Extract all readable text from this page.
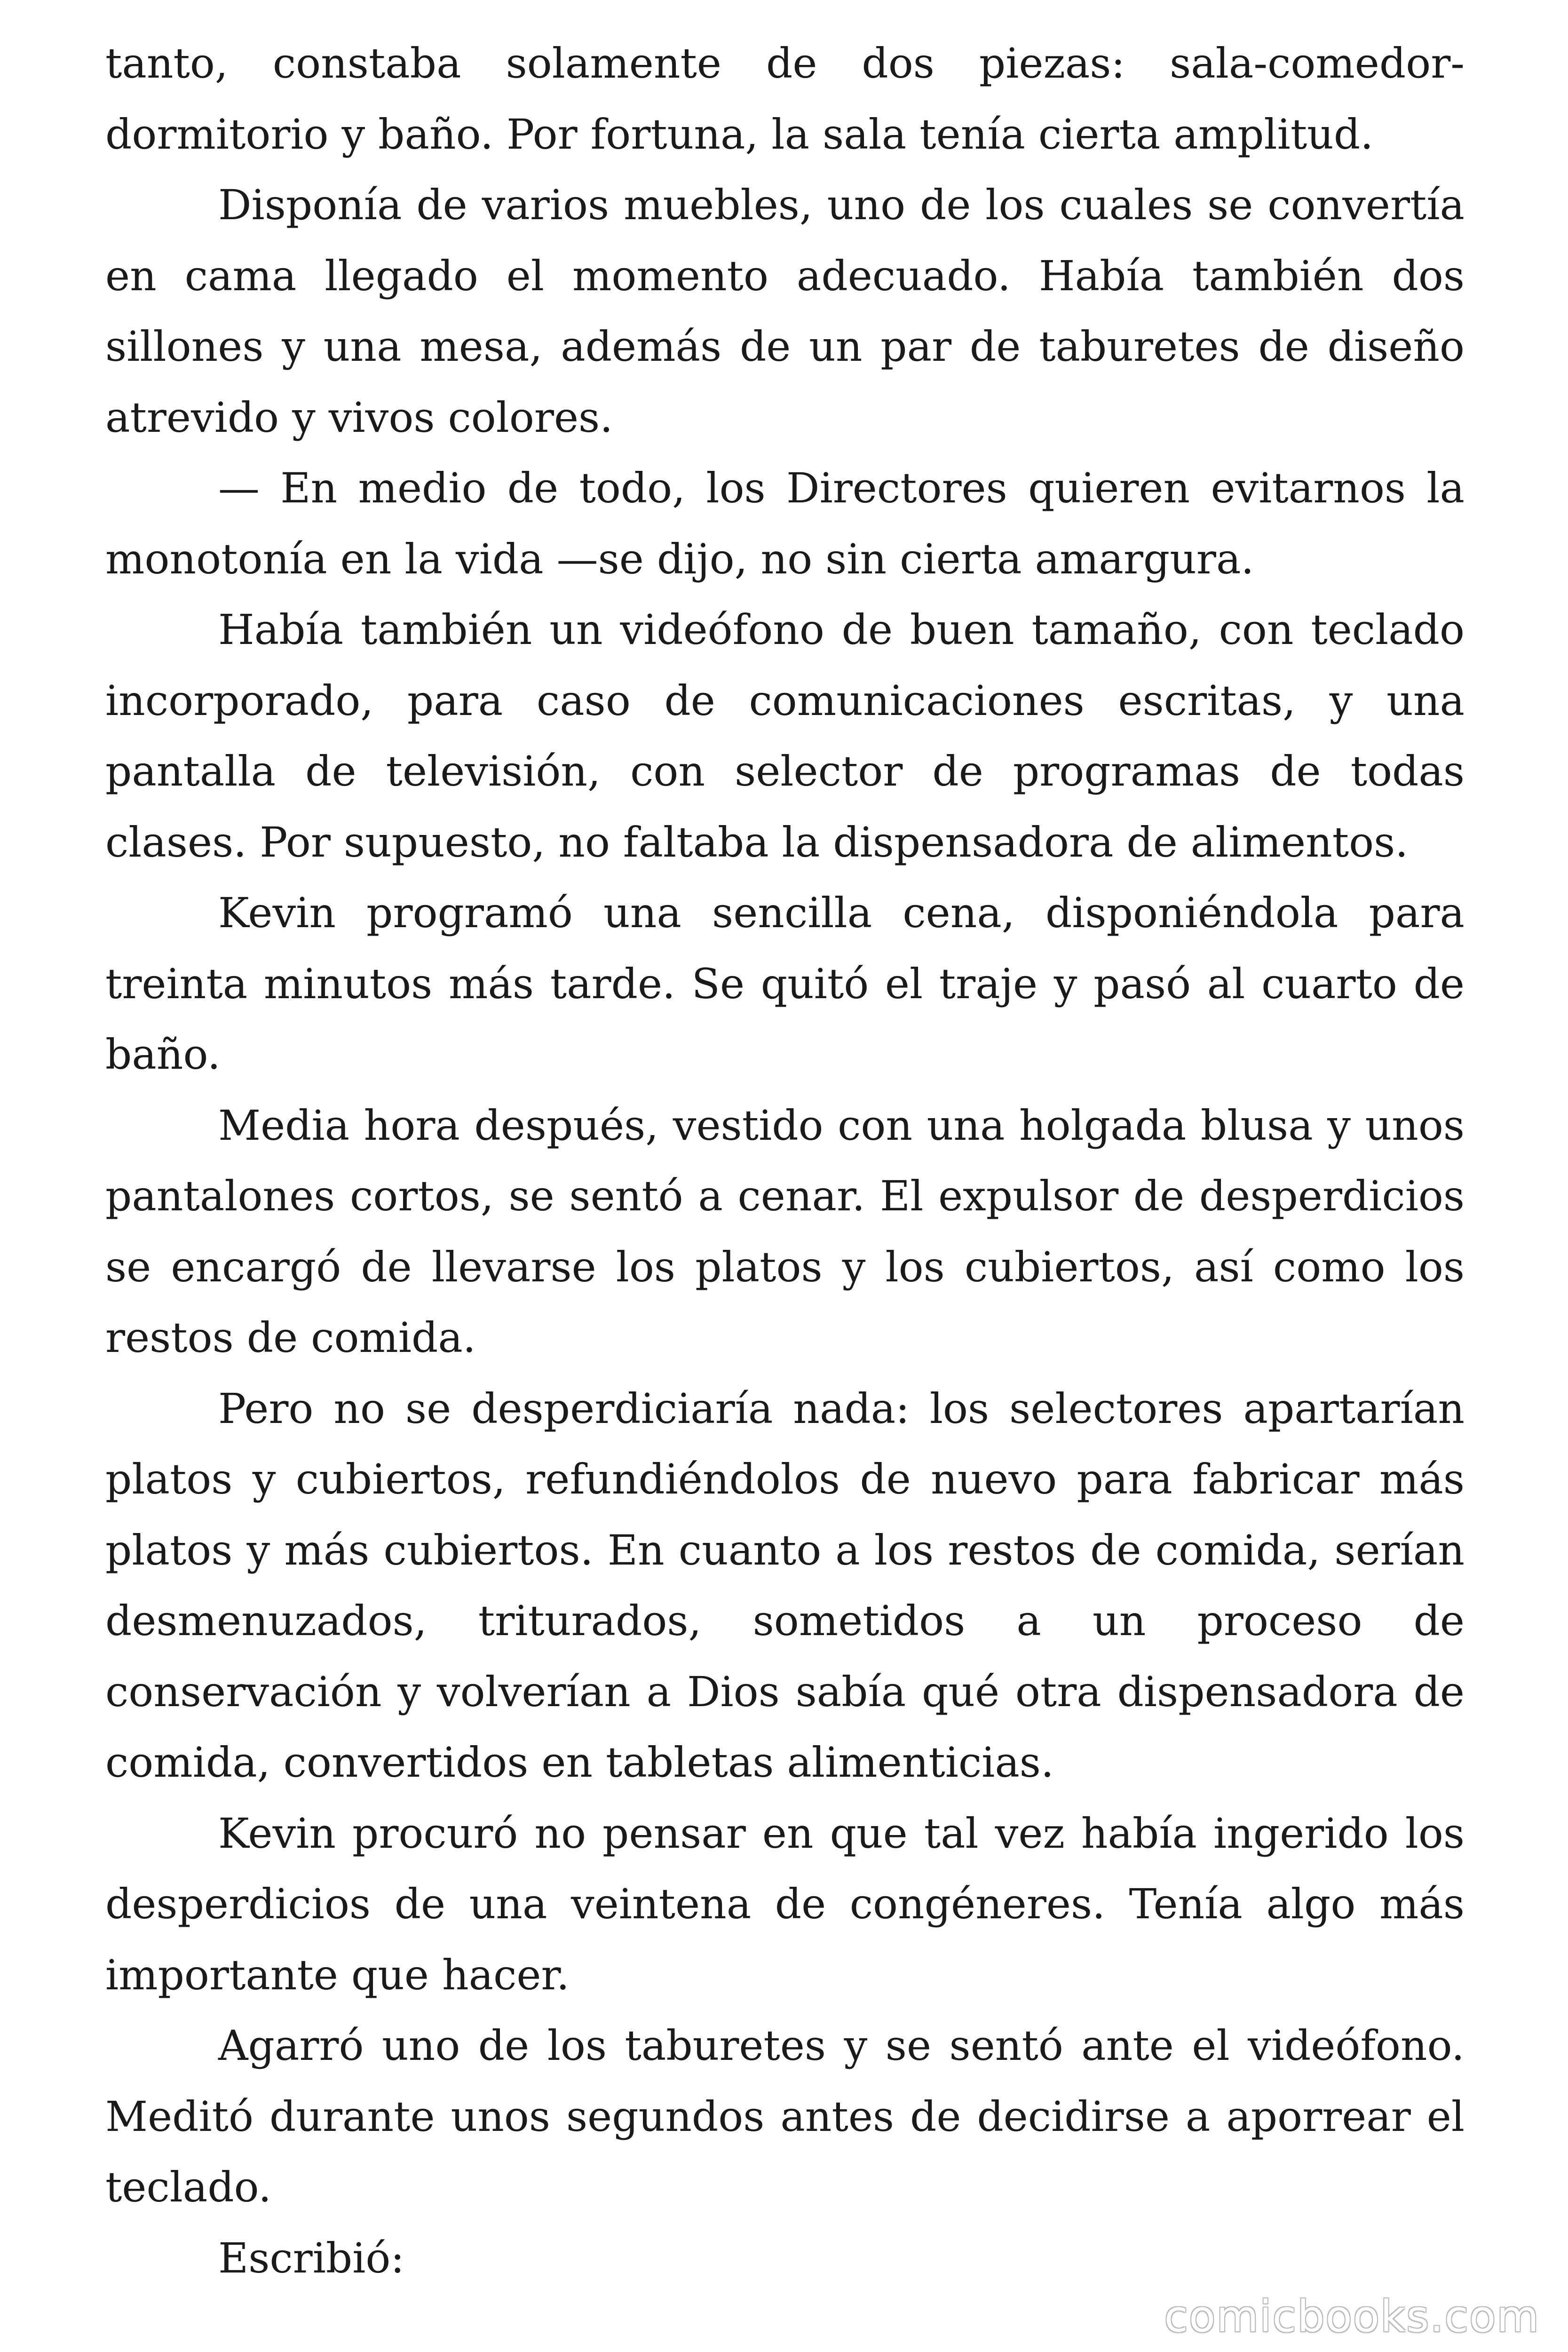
tanto, constaba solamente de dos piezas: sala-comedor-dormitorio y baño. Por fortuna, la sala tenía cierta amplitud.

Disponía de varios muebles, uno de los cuales se convertía en cama llegado el momento adecuado. Había también dos sillones y una mesa, además de un par de taburetes de diseño atrevido y vivos colores.

— En medio de todo, los Directores quieren evitarnos la monotonía en la vida —se dijo, no sin cierta amargura.

Había también un videófono de buen tamaño, con teclado incorporado, para caso de comunicaciones escritas, y una pantalla de televisión, con selector de programas de todas clases. Por supuesto, no faltaba la dispensadora de alimentos.

Kevin programó una sencilla cena, disponiéndola para treinta minutos más tarde. Se quitó el traje y pasó al cuarto de baño.

Media hora después, vestido con una holgada blusa y unos pantalones cortos, se sentó a cenar. El expulsor de desperdicios se encargó de llevarse los platos y los cubiertos, así como los restos de comida.

Pero no se desperdiciaría nada: los selectores apartarían platos y cubiertos, refundiéndolos de nuevo para fabricar más platos y más cubiertos. En cuanto a los restos de comida, serían desmenuzados, triturados, sometidos a un proceso de conservación y volverían a Dios sabía qué otra dispensadora de comida, convertidos en tabletas alimenticias.

Kevin procuró no pensar en que tal vez había ingerido los desperdicios de una veintena de congéneres. Tenía algo más importante que hacer.

Agarró uno de los taburetes y se sentó ante el videófono. Meditó durante unos segundos antes de decidirse a aporrear el teclado.

Escribió:

comicbooks.com
